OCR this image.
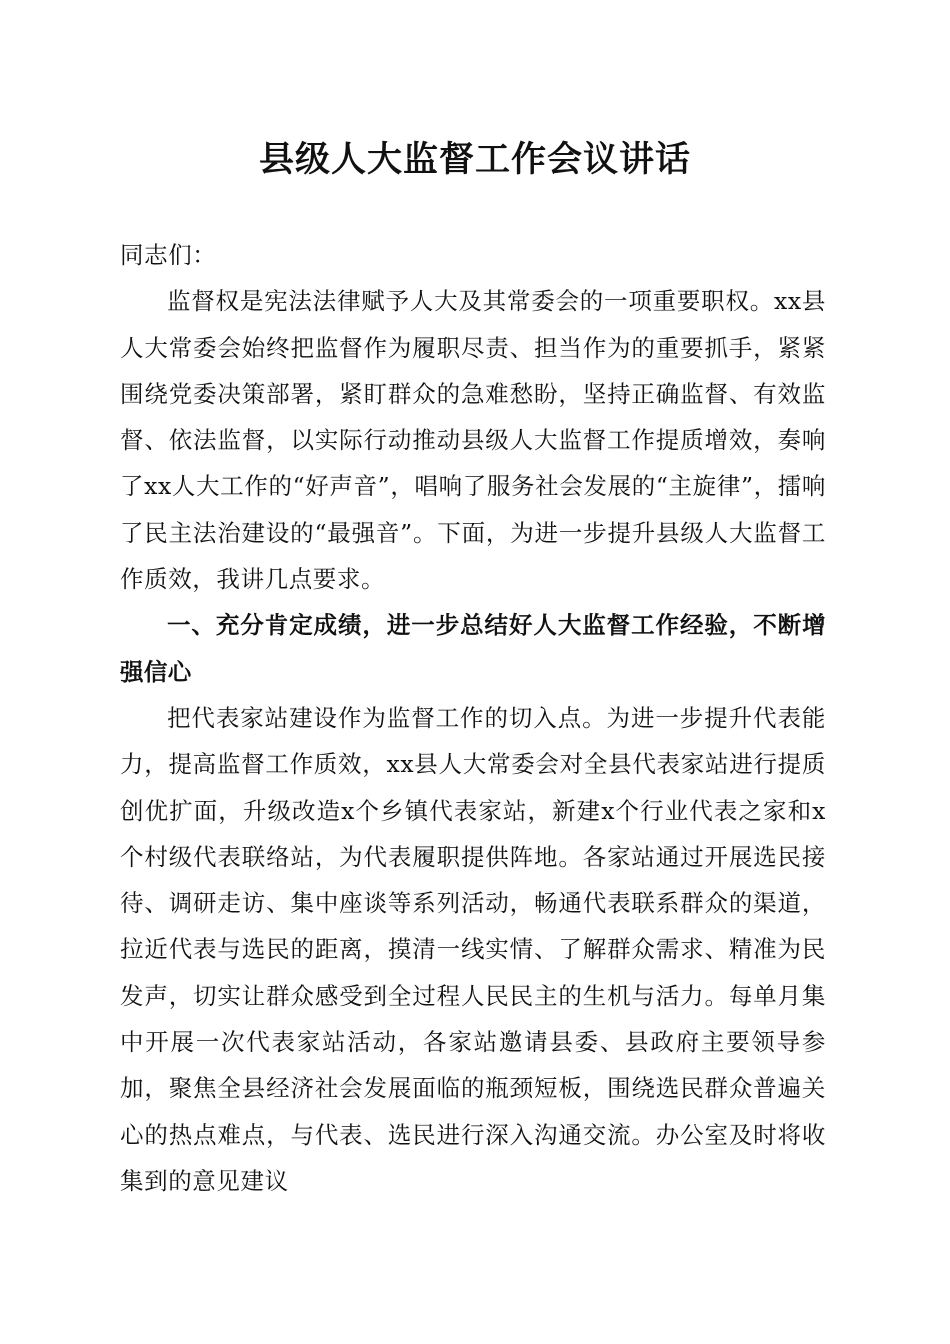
县级人大监督工作会议讲话

同志们：

监督权是宪法法律赋予人大及其常委会的一项重要职权。xx县人大常委会始终把监督作为履职尽责、担当作为的重要抓手，紧紧围绕党委决策部署，紧盯群众的急难愁盼，坚持正确监督、有效监督、依法监督，以实际行动推动县级人大监督工作提质增效，奏响了xx人大工作的“好声音”，唱响了服务社会发展的“主旋律”，擂响了民主法治建设的“最强音”。下面，为进一步提升县级人大监督工作质效，我讲几点要求。

一、充分肯定成绩，进一步总结好人大监督工作经验，不断增强信心

把代表家站建设作为监督工作的切入点。为进一步提升代表能力，提高监督工作质效，xx县人大常委会对全县代表家站进行提质创优扩面，升级改造x个乡镇代表家站，新建x个行业代表之家和x个村级代表联络站，为代表履职提供阵地。各家站通过开展选民接待、调研走访、集中座谈等系列活动，畅通代表联系群众的渠道，拉近代表与选民的距离，摸清一线实情、了解群众需求、精准为民发声，切实让群众感受到全过程人民民主的生机与活力。每单月集中开展一次代表家站活动，各家站邀请县委、县政府主要领导参加，聚焦全县经济社会发展面临的瓶颈短板，围绕选民群众普遍关心的热点难点，与代表、选民进行深入沟通交流。办公室及时将收集到的意见建议
